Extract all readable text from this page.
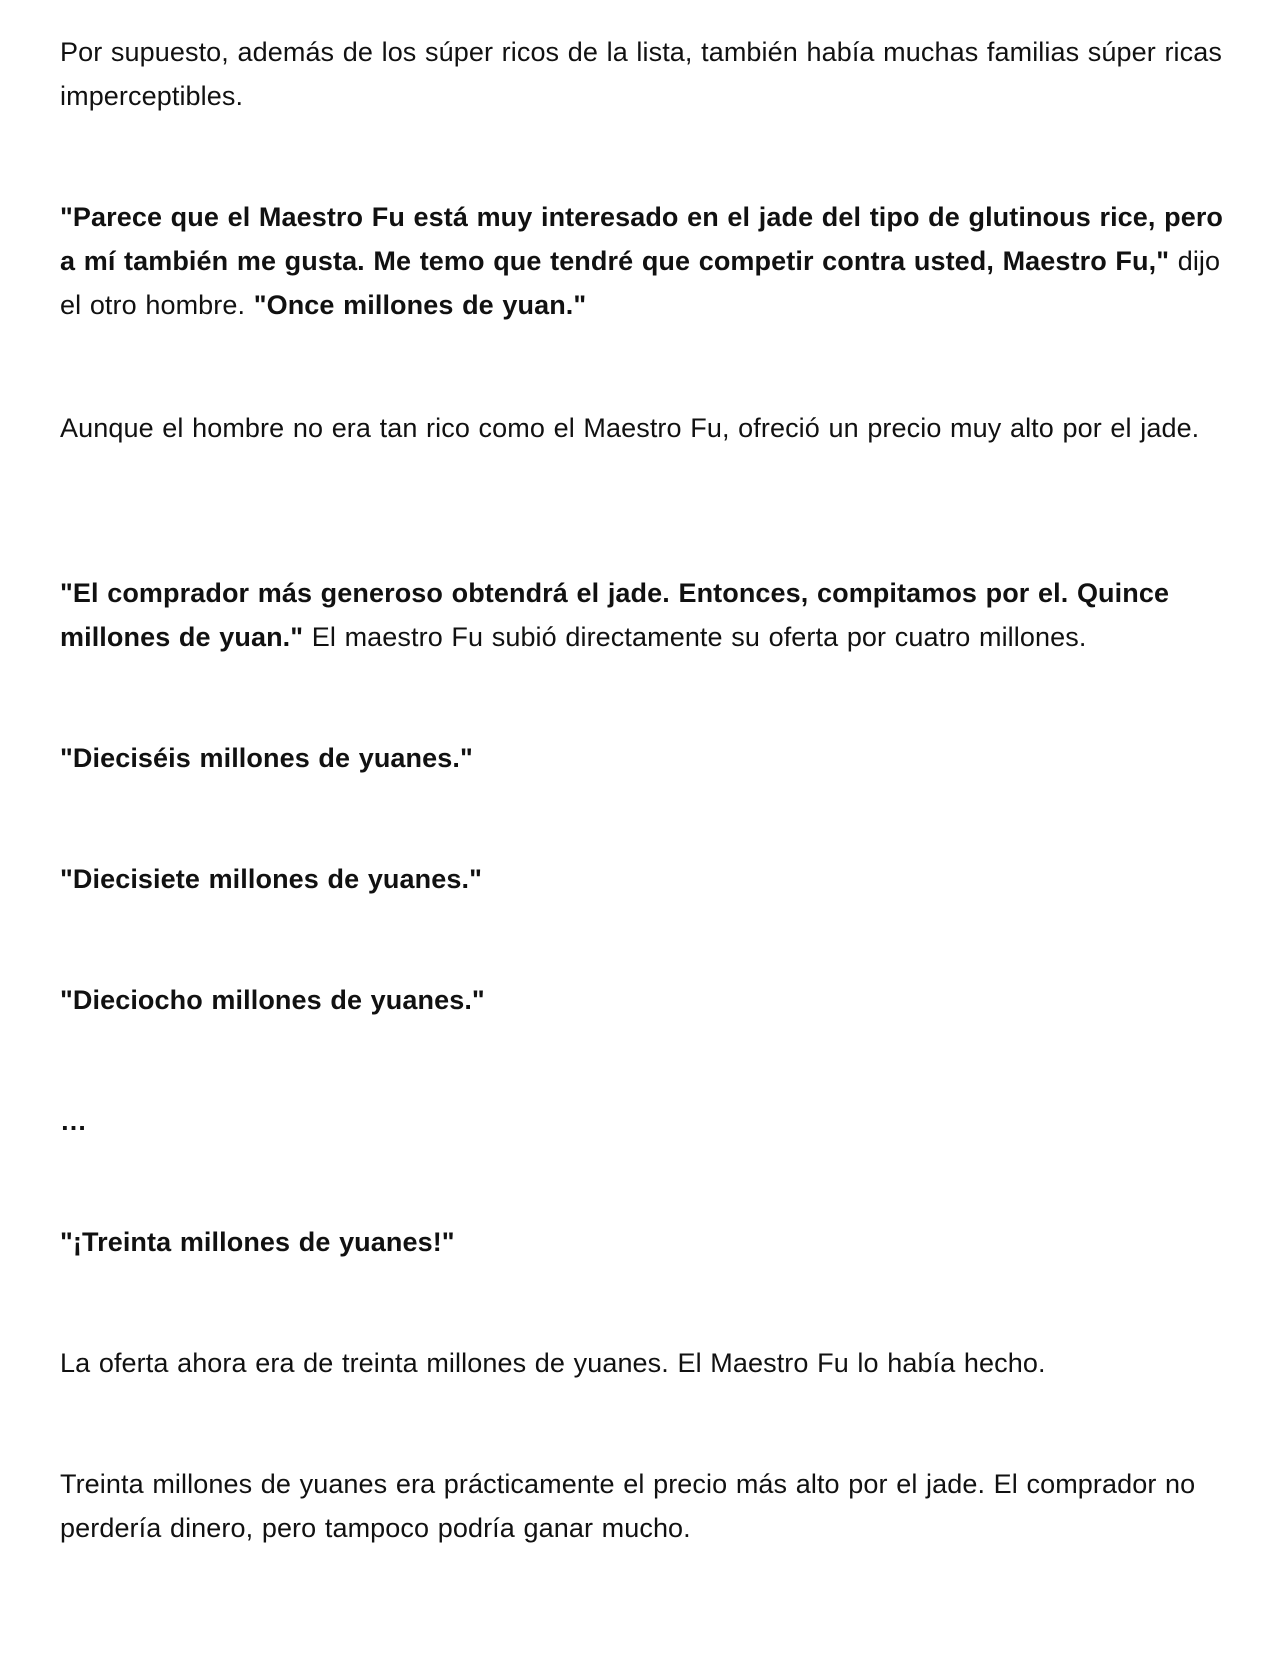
Por supuesto, además de los súper ricos de la lista, también había muchas familias súper ricas imperceptibles.

"Parece que el Maestro Fu está muy interesado en el jade del tipo de glutinous rice, pero a mí también me gusta. Me temo que tendré que competir contra usted, Maestro Fu," dijo el otro hombre. "Once millones de yuan."

Aunque el hombre no era tan rico como el Maestro Fu, ofreció un precio muy alto por el jade.

"El comprador más generoso obtendrá el jade. Entonces, compitamos por el. Quince millones de yuan." El maestro Fu subió directamente su oferta por cuatro millones.

"Dieciséis millones de yuanes."

"Diecisiete millones de yuanes."

"Dieciocho millones de yuanes."

…

"¡Treinta millones de yuanes!"

La oferta ahora era de treinta millones de yuanes. El Maestro Fu lo había hecho.

Treinta millones de yuanes era prácticamente el precio más alto por el jade. El comprador no perdería dinero, pero tampoco podría ganar mucho.
